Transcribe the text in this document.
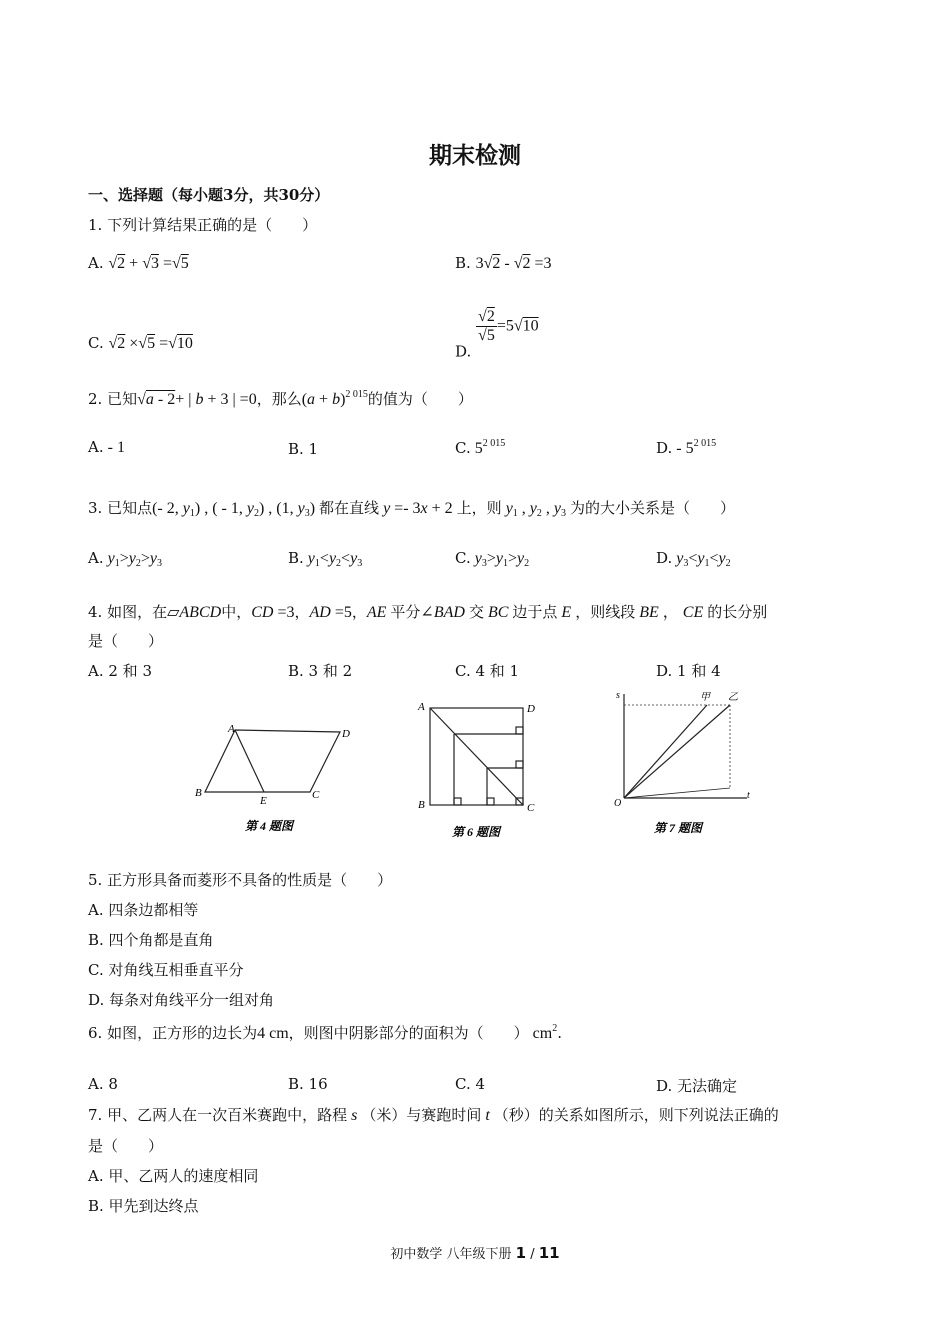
期末检测
一、选择题（每小题3分，共30分）
1. 下列计算结果正确的是（　　）
A. √2 + √3 =√5	B. 3√2 - √2 =3
C. √2 ×√5 =√10	D.
$\frac{√2}{√5} =5√10$
2. 已知√a - 2+ | b + 3 | =0，那么$(a + b)^{2 015}$的值为（　　）
A. - 1	B. 1	C. $5^{2 015}$	D. - $5^{2 015}$
3. 已知点(- 2, $y_1$) , ( - 1, $y_2$) , (1, $y_3$) 都在直线 y =- 3x + 2 上，则 $y_1$ , $y_2$ , $y_3$ 为的大小关系是（　　）
A. $y_1>y_2>y_3$	B. $y_1<y_2<y_3$	C. $y_3>y_1>y_2$	D. $y_3<y_1<y_2$
4. 如图，在▱ABCD中，CD =3，AD =5，AE 平分∠BAD 交 BC 边于点 E ，则线段 BE ， CE 的长分别
是（　　）
A. 2 和 3	B. 3 和 2	C. 4 和 1	D. 1 和 4
A	D
B	C
E
第 4 题图
A	D
B	C
第 6 题图
s
t
O
甲 乙
第 7 题图
5. 正方形具备而菱形不具备的性质是（　　）
A. 四条边都相等
B. 四个角都是直角
C. 对角线互相垂直平分
D. 每条对角线平分一组对角
6. 如图，正方形的边长为4 cm，则图中阴影部分的面积为（　　） $cm^2$.
A. 8	B. 16	C. 4	D. 无法确定
7. 甲、乙两人在一次百米赛跑中，路程 s （米）与赛跑时间 t （秒）的关系如图所示，则下列说法正确的
是（　　）
A. 甲、乙两人的速度相同
B. 甲先到达终点
初中数学 八年级下册 1 / 11
